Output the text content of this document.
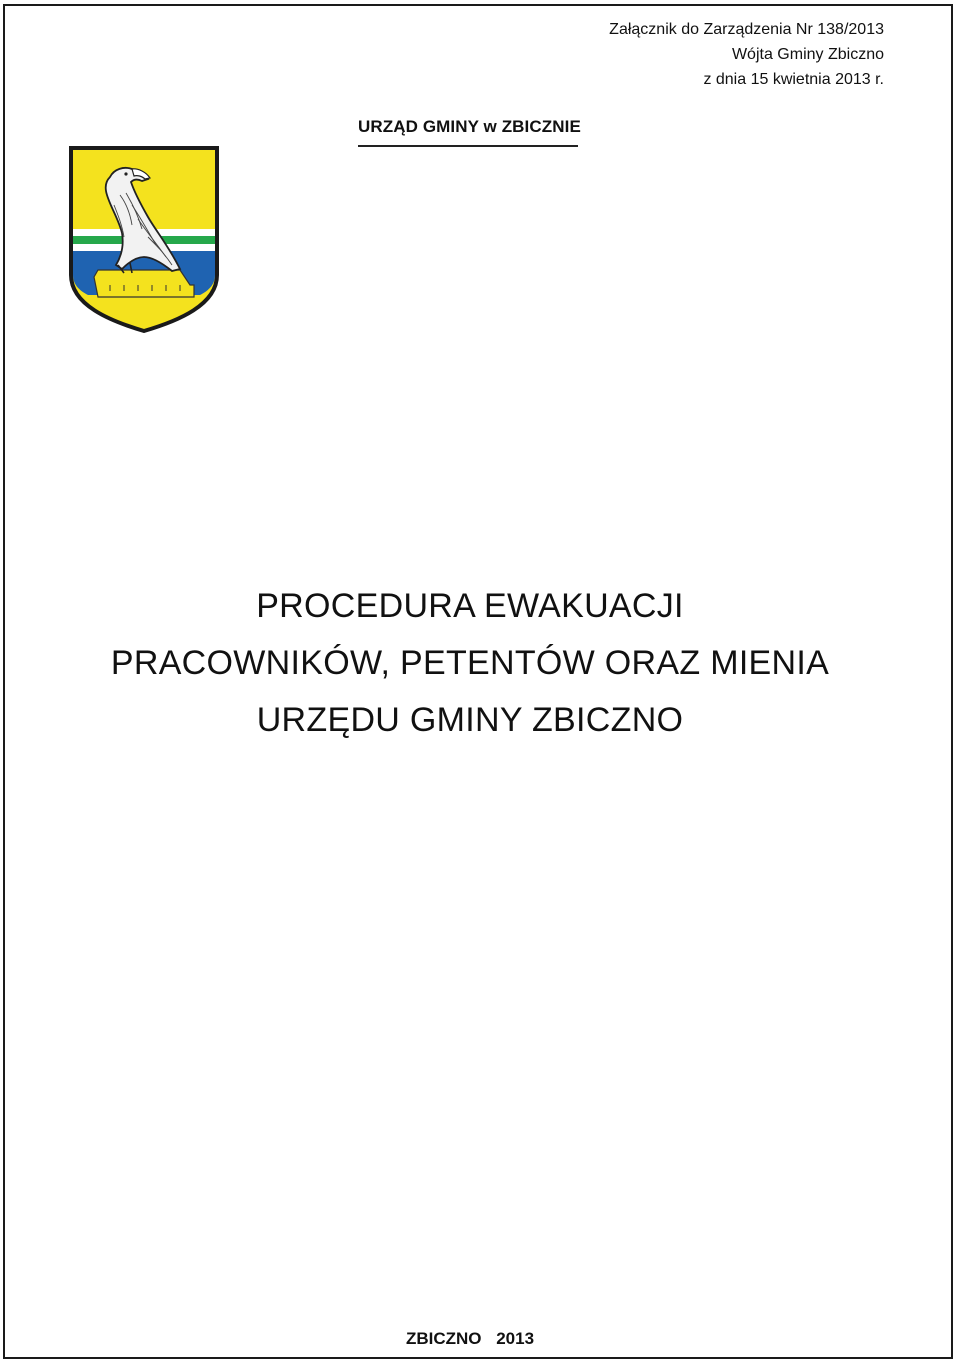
Załącznik do Zarządzenia Nr 138/2013
Wójta Gminy Zbiczno
z dnia 15 kwietnia 2013 r.
URZĄD GMINY w ZBICZNIE
PROCEDURA EWAKUACJI
PRACOWNIKÓW, PETENTÓW ORAZ MIENIA
URZĘDU GMINY ZBICZNO
ZBICZNO 2013
